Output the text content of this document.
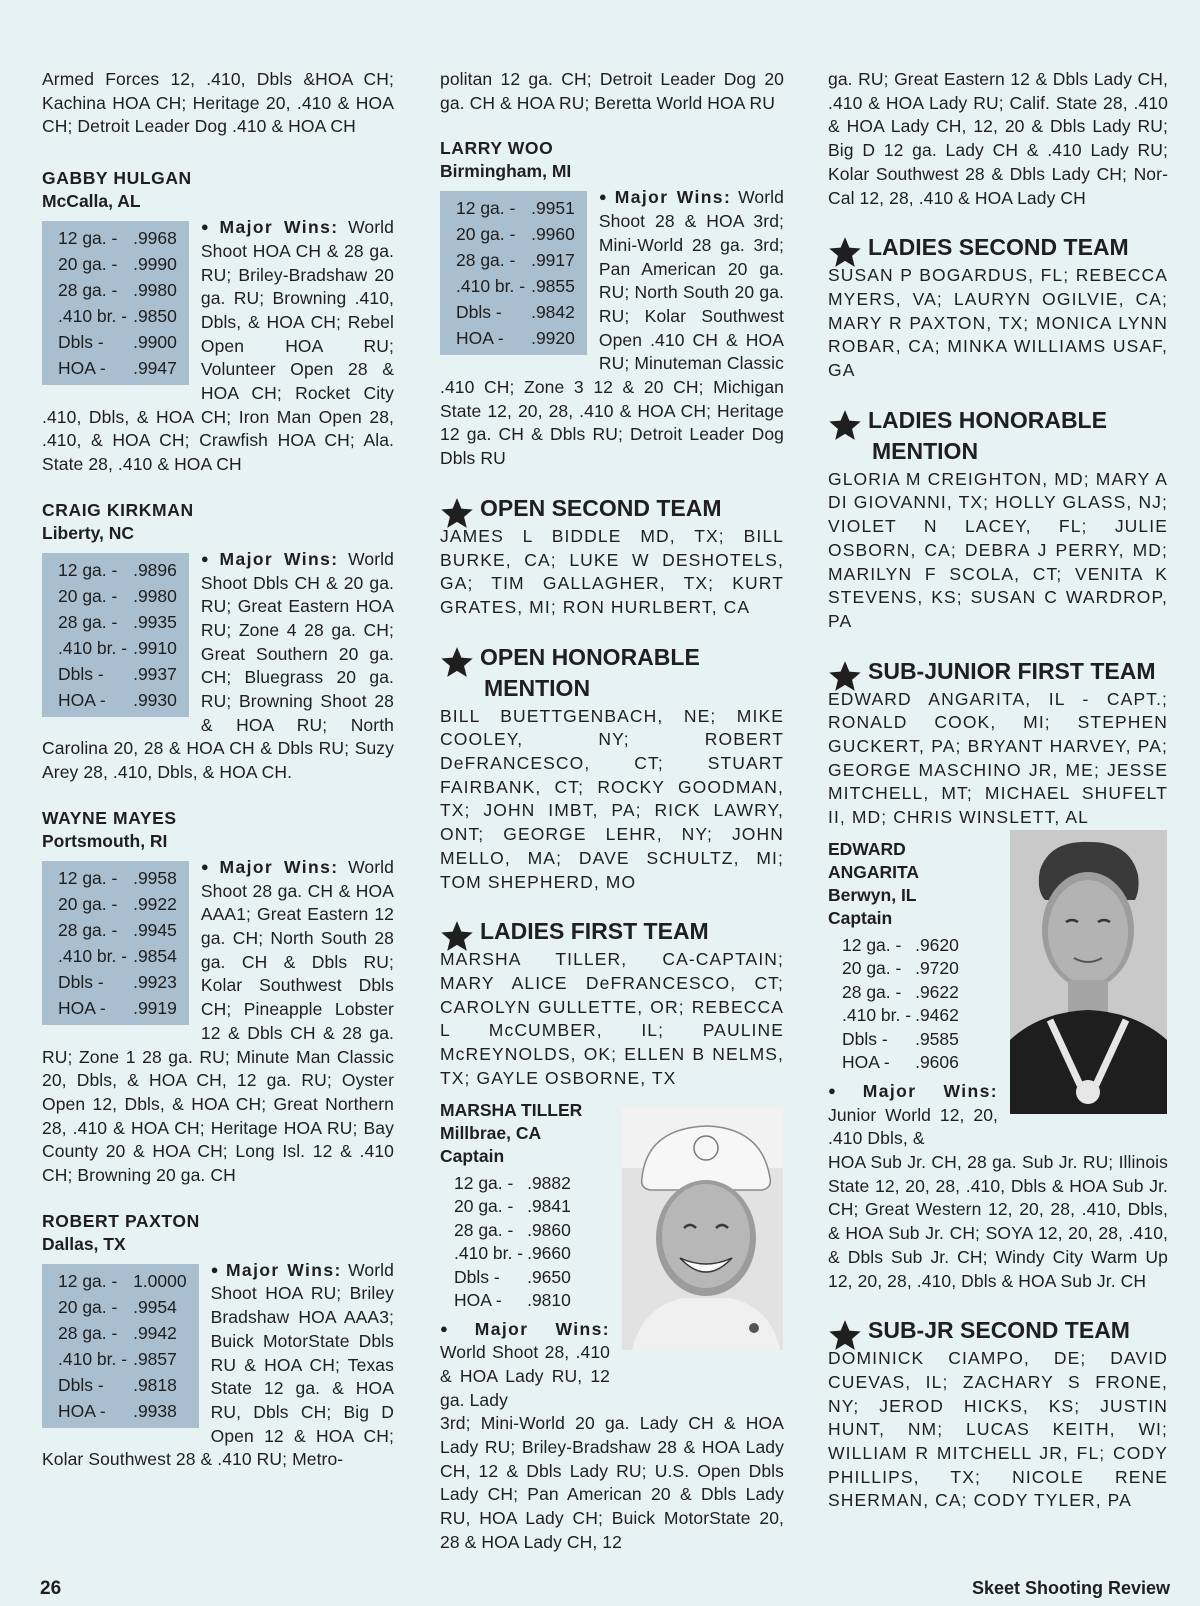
Armed Forces 12, .410, Dbls &HOA CH; Kachina HOA CH; Heritage 20, .410 & HOA CH; Detroit Leader Dog .410 & HOA CH

GABBY HULGAN

McCalla, AL

12 ga. -	.9968
20 ga. -	.9990
28 ga. -	.9980
.410 br. -	.9850
Dbls -	.9900
HOA -	.9947

● Major Wins: World Shoot HOA CH & 28 ga. RU; Briley-Bradshaw 20 ga. RU; Browning .410, Dbls, & HOA CH; Rebel Open HOA RU; Volunteer Open 28 & HOA CH; Rocket City .410, Dbls, & HOA CH; Iron Man Open 28, .410, & HOA CH; Crawfish HOA CH; Ala. State 28, .410 & HOA CH

CRAIG KIRKMAN

Liberty, NC

12 ga. -	.9896
20 ga. -	.9980
28 ga. -	.9935
.410 br. -	.9910
Dbls -	.9937
HOA -	.9930

● Major Wins: World Shoot Dbls CH & 20 ga. RU; Great Eastern HOA RU; Zone 4 28 ga. CH; Great Southern 20 ga. CH; Bluegrass 20 ga. RU; Browning Shoot 28 & HOA RU; North Carolina 20, 28 & HOA CH & Dbls RU; Suzy Arey 28, .410, Dbls, & HOA CH.

WAYNE MAYES

Portsmouth, RI

12 ga. -	.9958
20 ga. -	.9922
28 ga. -	.9945
.410 br. -	.9854
Dbls -	.9923
HOA -	.9919

● Major Wins: World Shoot 28 ga. CH & HOA AAA1; Great Eastern 12 ga. CH; North South 28 ga. CH & Dbls RU; Kolar Southwest Dbls CH; Pineapple Lobster 12 & Dbls CH & 28 ga. RU; Zone 1 28 ga. RU; Minute Man Classic 20, Dbls, & HOA CH, 12 ga. RU; Oyster Open 12, Dbls, & HOA CH; Great Northern 28, .410 & HOA CH; Heritage HOA RU; Bay County 20 & HOA CH; Long Isl. 12 & .410 CH; Browning 20 ga. CH

ROBERT PAXTON

Dallas, TX

12 ga. -	1.0000
20 ga. -	.9954
28 ga. -	.9942
.410 br. -	.9857
Dbls -	.9818
HOA -	.9938

● Major Wins: World Shoot HOA RU; Briley Bradshaw HOA AAA3; Buick MotorState Dbls RU & HOA CH; Texas State 12 ga. & HOA RU, Dbls CH; Big D Open 12 & HOA CH; Kolar Southwest 28 & .410 RU; Metro-

politan 12 ga. CH; Detroit Leader Dog 20 ga. CH & HOA RU; Beretta World HOA RU

LARRY WOO

Birmingham, MI

12 ga. -	.9951
20 ga. -	.9960
28 ga. -	.9917
.410 br. -	.9855
Dbls -	.9842
HOA -	.9920

● Major Wins: World Shoot 28 & HOA 3rd; Mini-World 28 ga. 3rd; Pan American 20 ga. RU; North South 20 ga. RU; Kolar Southwest Open .410 CH & HOA RU; Minuteman Classic .410 CH; Zone 3 12 & 20 CH; Michigan State 12, 20, 28, .410 & HOA CH; Heritage 12 ga. CH & Dbls RU; Detroit Leader Dog Dbls RU

OPEN SECOND TEAM

JAMES L BIDDLE MD, TX; BILL BURKE, CA; LUKE W DESHOTELS, GA; TIM GALLAGHER, TX; KURT GRATES, MI; RON HURLBERT, CA

OPEN HONORABLE
MENTION

BILL BUETTGENBACH, NE; MIKE COOLEY, NY; ROBERT DeFRANCESCO, CT; STUART FAIRBANK, CT; ROCKY GOODMAN, TX; JOHN IMBT, PA; RICK LAWRY, ONT; GEORGE LEHR, NY; JOHN MELLO, MA; DAVE SCHULTZ, MI; TOM SHEPHERD, MO

LADIES FIRST TEAM

MARSHA TILLER, CA-CAPTAIN; MARY ALICE DeFRANCESCO, CT; CAROLYN GULLETTE, OR; REBECCA L McCUMBER, IL; PAULINE McREYNOLDS, OK; ELLEN B NELMS, TX; GAYLE OSBORNE, TX

MARSHA TILLER

Millbrae, CA

Captain

12 ga. -	.9882
20 ga. -	.9841
28 ga. -	.9860
.410 br. -	.9660
Dbls -	.9650
HOA -	.9810

● Major Wins: World Shoot 28, .410 & HOA Lady RU, 12 ga. Lady

3rd; Mini-World 20 ga. Lady CH & HOA Lady RU; Briley-Bradshaw 28 & HOA Lady CH, 12 & Dbls Lady RU; U.S. Open Dbls Lady CH; Pan American 20 & Dbls Lady RU, HOA Lady CH; Buick MotorState 20, 28 & HOA Lady CH, 12

ga. RU; Great Eastern 12 & Dbls Lady CH, .410 & HOA Lady RU; Calif. State 28, .410 & HOA Lady CH, 12, 20 & Dbls Lady RU; Big D 12 ga. Lady CH & .410 Lady RU; Kolar Southwest 28 & Dbls Lady CH; Nor-Cal 12, 28, .410 & HOA Lady CH

LADIES SECOND TEAM

SUSAN P BOGARDUS, FL; REBECCA MYERS, VA; LAURYN OGILVIE, CA; MARY R PAXTON, TX; MONICA LYNN ROBAR, CA; MINKA WILLIAMS USAF, GA

LADIES HONORABLE
MENTION

GLORIA M CREIGHTON, MD; MARY A DI GIOVANNI, TX; HOLLY GLASS, NJ; VIOLET N LACEY, FL; JULIE OSBORN, CA; DEBRA J PERRY, MD; MARILYN F SCOLA, CT; VENITA K STEVENS, KS; SUSAN C WARDROP, PA

SUB-JUNIOR FIRST TEAM

EDWARD ANGARITA, IL - CAPT.; RONALD COOK, MI; STEPHEN GUCKERT, PA; BRYANT HARVEY, PA; GEORGE MASCHINO JR, ME; JESSE MITCHELL, MT; MICHAEL SHUFELT II, MD; CHRIS WINSLETT, AL

EDWARD

ANGARITA

Berwyn, IL

Captain

12 ga. -	.9620
20 ga. -	.9720
28 ga. -	.9622
.410 br. -	.9462
Dbls -	.9585
HOA -	.9606

● Major Wins: Junior World 12, 20, .410 Dbls, &

HOA Sub Jr. CH, 28 ga. Sub Jr. RU; Illinois State 12, 20, 28, .410, Dbls & HOA Sub Jr. CH; Great Western 12, 20, 28, .410, Dbls, & HOA Sub Jr. CH; SOYA 12, 20, 28, .410, & Dbls Sub Jr. CH; Windy City Warm Up 12, 20, 28, .410, Dbls & HOA Sub Jr. CH

SUB-JR SECOND TEAM

DOMINICK CIAMPO, DE; DAVID CUEVAS, IL; ZACHARY S FRONE, NY; JEROD HICKS, KS; JUSTIN HUNT, NM; LUCAS KEITH, WI; WILLIAM R MITCHELL JR, FL; CODY PHILLIPS, TX; NICOLE RENE SHERMAN, CA; CODY TYLER, PA

26	Skeet Shooting Review
